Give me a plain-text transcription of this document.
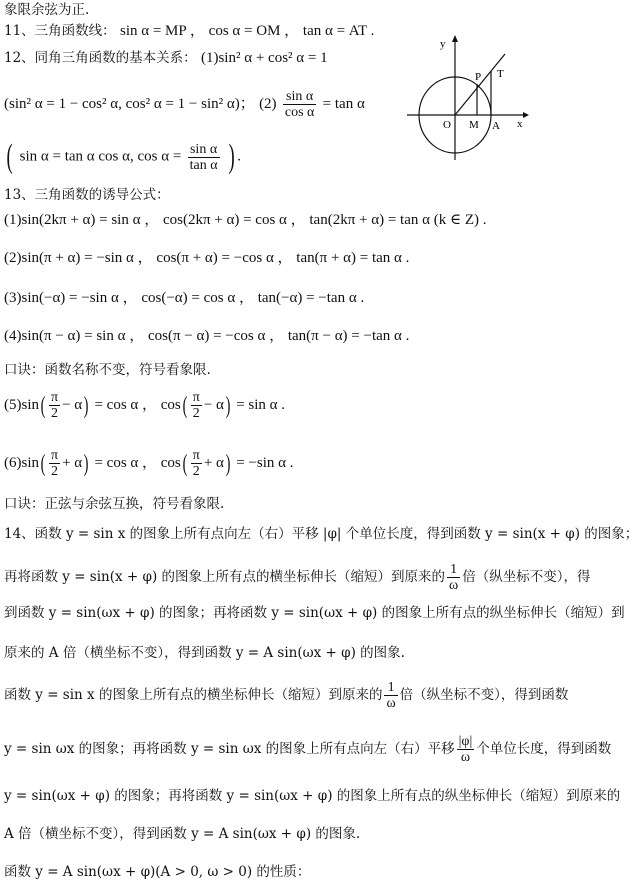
象限余弦为正.
11、三角函数线： sin α = MP ， cos α = OM ， tan α = AT .
12、同角三角函数的基本关系： (1)sin² α + cos² α = 1
(sin² α = 1 − cos² α, cos² α = 1 − sin² α)； $(2) \frac{\text{sin α}}{\text{cos α}} = \tan \alpha$
( sin α = tan α cos α, $\cos \alpha = \frac{\text{sin α}}{\text{tan α}}$ ) .
13、三角函数的诱导公式：
(1)sin(2kπ + α) = sin α ， cos(2kπ + α) = cos α ， tan(2kπ + α) = tan α (k ∈ Z) .
(2)sin(π + α) = −sin α ， cos(π + α) = −cos α ， tan(π + α) = tan α .
(3)sin(−α) = −sin α ， cos(−α) = cos α ， tan(−α) = −tan α .
(4)sin(π − α) = sin α ， cos(π − α) = −cos α ， tan(π − α) = −tan α .
口诀：函数名称不变，符号看象限.
$(5)\sin( \frac{\pi}{2} - \alpha) = \cos \alpha$ ， $\cos( \frac{\pi}{2} - \alpha) = \sin \alpha$ .
$(6)\sin( \frac{\pi}{2} + \alpha) = \cos \alpha$ ， $\cos( \frac{\pi}{2} + \alpha) = -\sin$ α .
口诀：正弦与余弦互换，符号看象限.
14、函数 y = sin x 的图象上所有点向左（右）平移 |φ| 个单位长度，得到函数 y = sin(x + φ) 的图象；
再将函数 y = sin(x + φ) 的图象上所有点的横坐标伸长（缩短）到原来的 $\frac{1}{\omega}$ 倍（纵坐标不变），得
到函数 y = sin(ωx + φ) 的图象；再将函数 y = sin(ωx + φ) 的图象上所有点的纵坐标伸长（缩短）到
原来的 A 倍（横坐标不变），得到函数 y = A sin(ωx + φ) 的图象.
函数 y = sin x 的图象上所有点的横坐标伸长（缩短）到原来的 $\frac{1}{\omega}$ 倍（纵坐标不变），得到函数
y = sin ωx 的图象；再将函数 y = sin ωx 的图象上所有点向左（右）平移 $\frac{|\varphi|}{\omega}$ 个单位长度，得到函数
y = sin(ωx + φ) 的图象；再将函数 y = sin(ωx + φ) 的图象上所有点的纵坐标伸长（缩短）到原来的
A 倍（横坐标不变），得到函数 y = A sin(ωx + φ) 的图象.
函数 y = A sin(ωx + φ)(A > 0, ω > 0) 的性质：
y
x
P T
O M A
